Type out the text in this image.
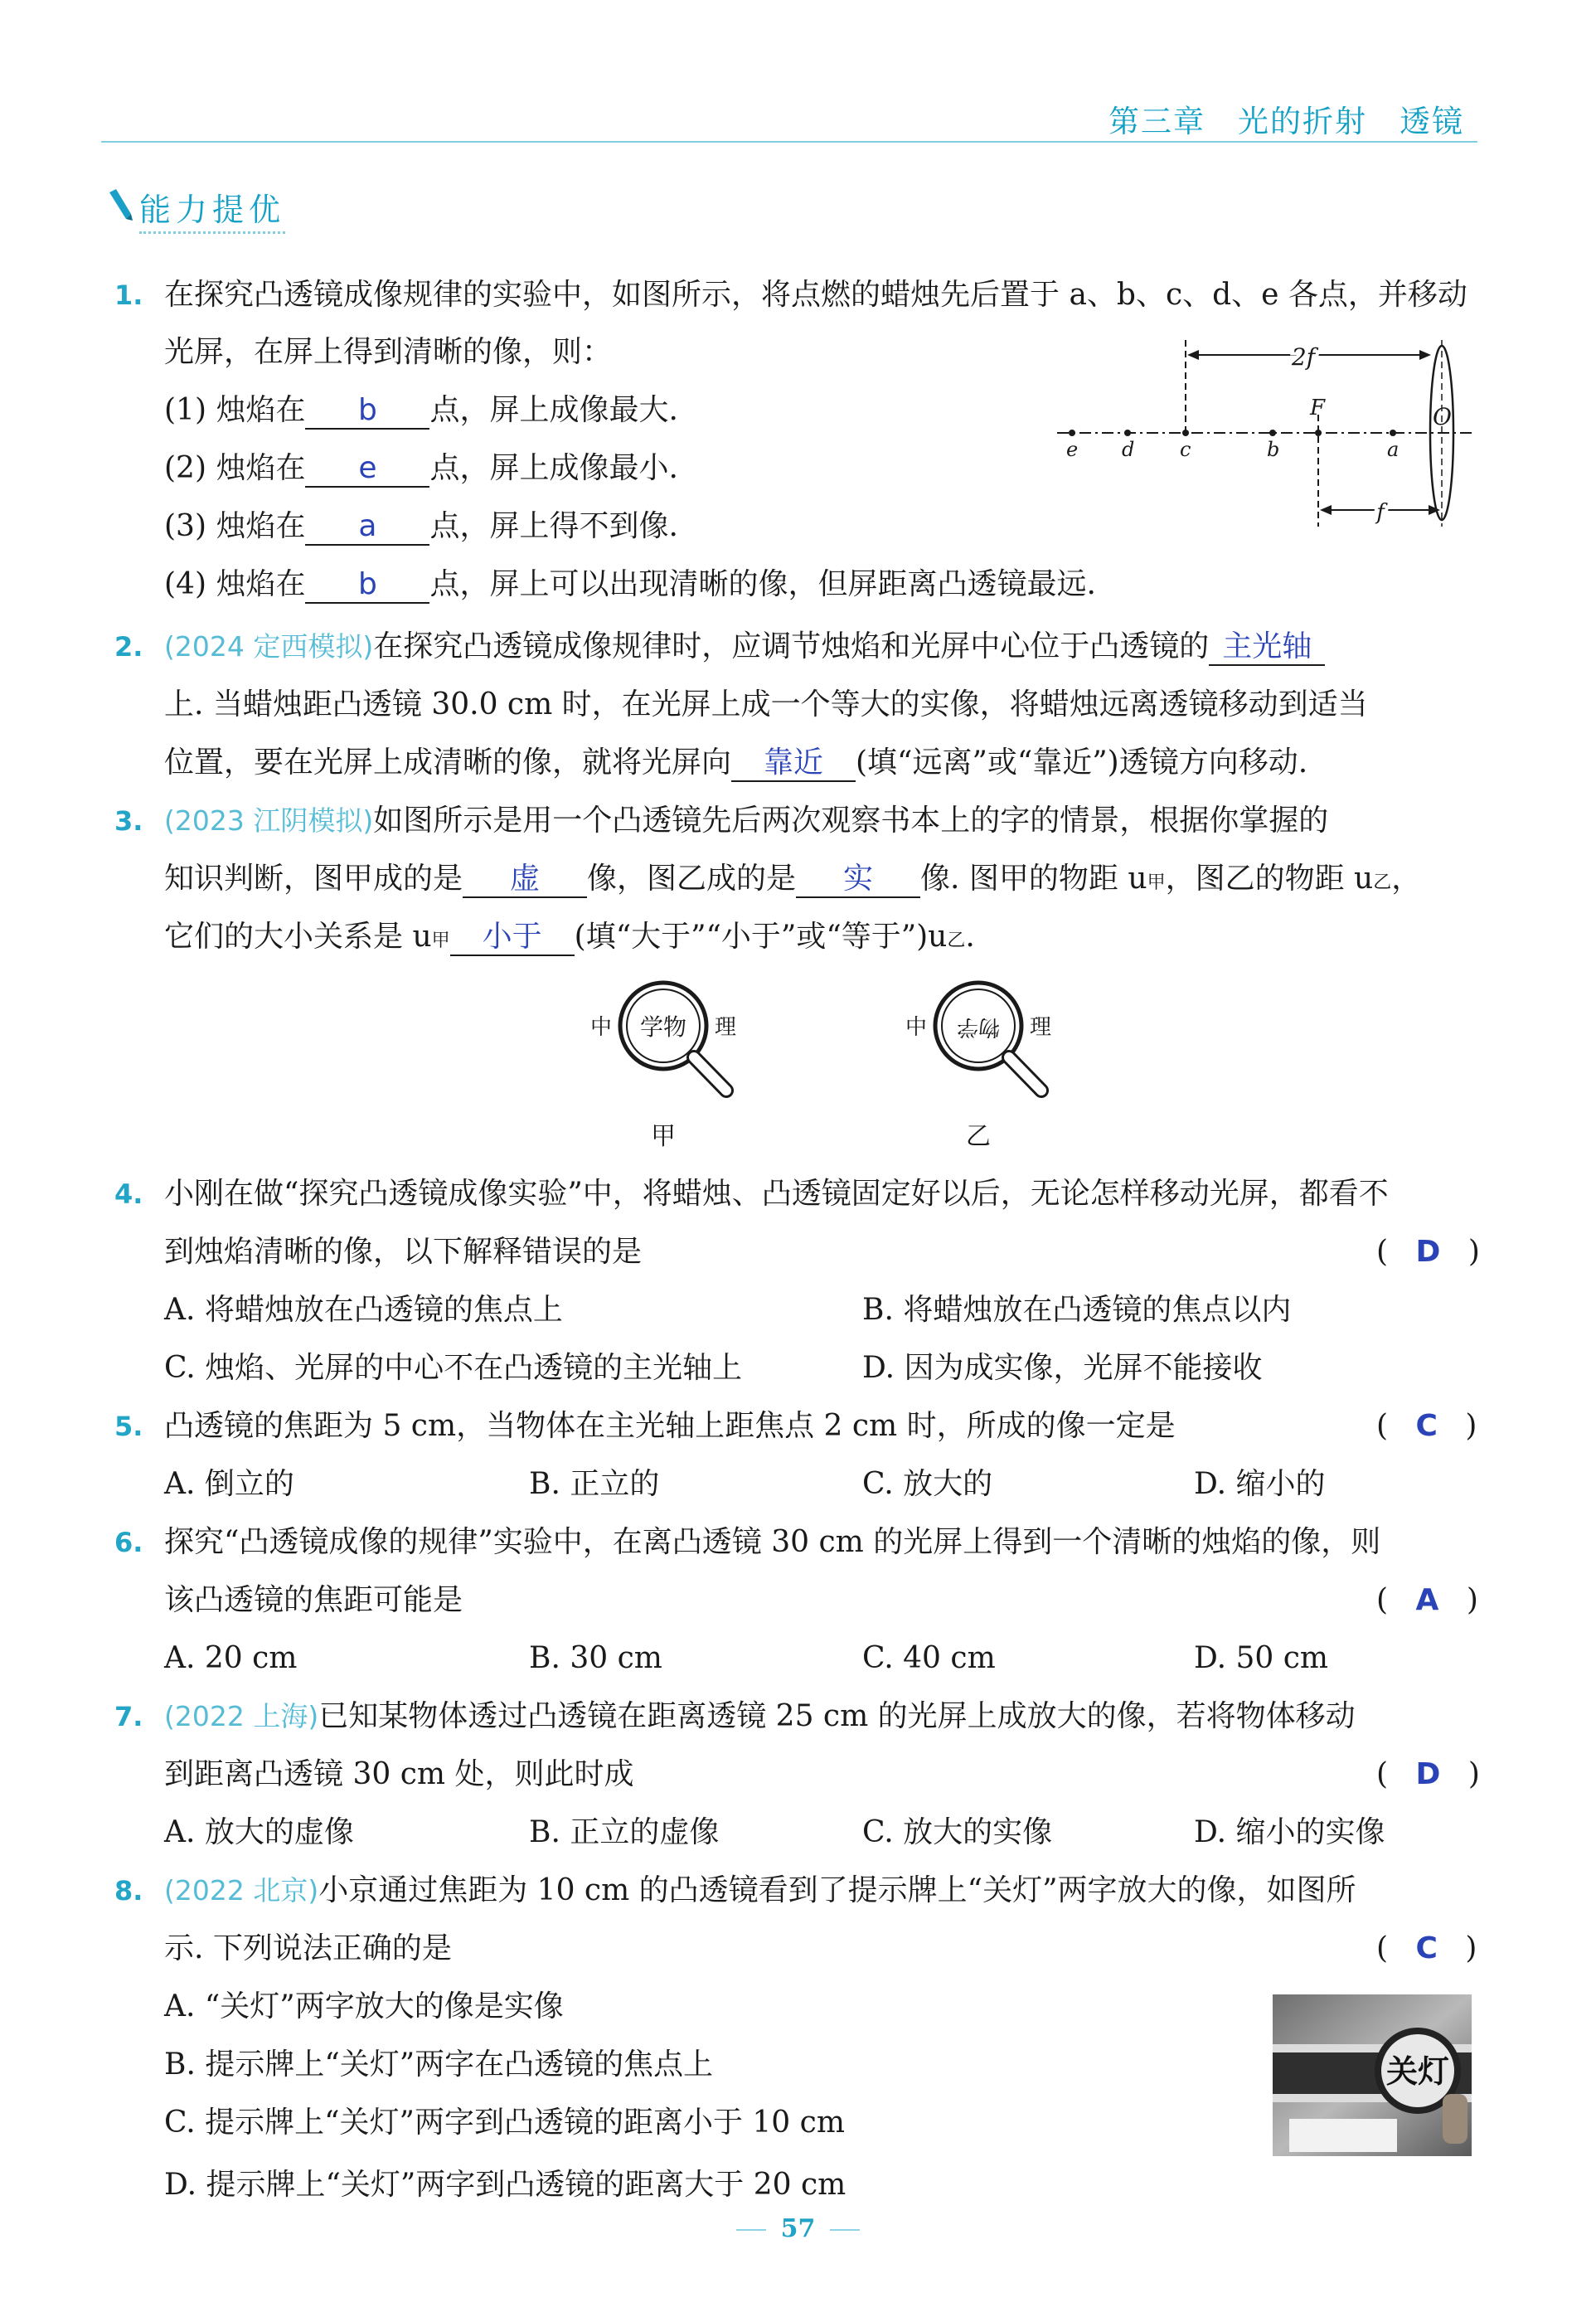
第三章　光的折射　透镜
能力提优
1. 在探究凸透镜成像规律的实验中，如图所示，将点燃的蜡烛先后置于 a、b、c、d、e 各点，并移动
光屏，在屏上得到清晰的像，则：
(1) 烛焰在 b 点，屏上成像最大.
(2) 烛焰在 e 点，屏上成像最小.
(3) 烛焰在 a 点，屏上得不到像.
(4) 烛焰在 b 点，屏上可以出现清晰的像，但屏距离凸透镜最远.
2f
O
F
f
e d c	b	a
2. (2024 定西模拟)在探究凸透镜成像规律时，应调节烛焰和光屏中心位于凸透镜的 主光轴
上. 当蜡烛距凸透镜 30.0 cm 时，在光屏上成一个等大的实像，将蜡烛远离透镜移动到适当
位置，要在光屏上成清晰的像，就将光屏向 靠近 (填“远离”或“靠近”)透镜方向移动.
3. (2023 江阴模拟)如图所示是用一个凸透镜先后两次观察书本上的字的情景，根据你掌握的
知识判断，图甲成的是 虚 像，图乙成的是 实 像. 图甲的物距 u甲，图乙的物距 u乙，
它们的大小关系是 u甲 小于 (填“大于”“小于”或“等于”)u乙.
中 学物 理
甲
中 物学 理
乙
4. 小刚在做“探究凸透镜成像实验”中，将蜡烛、凸透镜固定好以后，无论怎样移动光屏，都看不
到烛焰清晰的像，以下解释错误的是	( D )
A. 将蜡烛放在凸透镜的焦点上	B. 将蜡烛放在凸透镜的焦点以内
C. 烛焰、光屏的中心不在凸透镜的主光轴上	D. 因为成实像，光屏不能接收
5. 凸透镜的焦距为 5 cm，当物体在主光轴上距焦点 2 cm 时，所成的像一定是	( C )
A. 倒立的	B. 正立的	C. 放大的	D. 缩小的
6. 探究“凸透镜成像的规律”实验中，在离凸透镜 30 cm 的光屏上得到一个清晰的烛焰的像，则
该凸透镜的焦距可能是	( A )
A. 20 cm	B. 30 cm	C. 40 cm	D. 50 cm
7. (2022 上海)已知某物体透过凸透镜在距离透镜 25 cm 的光屏上成放大的像，若将物体移动
到距离凸透镜 30 cm 处，则此时成	( D )
A. 放大的虚像	B. 正立的虚像	C. 放大的实像	D. 缩小的实像
8. (2022 北京)小京通过焦距为 10 cm 的凸透镜看到了提示牌上“关灯”两字放大的像，如图所
示. 下列说法正确的是	( C )
A. “关灯”两字放大的像是实像
B. 提示牌上“关灯”两字在凸透镜的焦点上
C. 提示牌上“关灯”两字到凸透镜的距离小于 10 cm
D. 提示牌上“关灯”两字到凸透镜的距离大于 20 cm
关灯
57
